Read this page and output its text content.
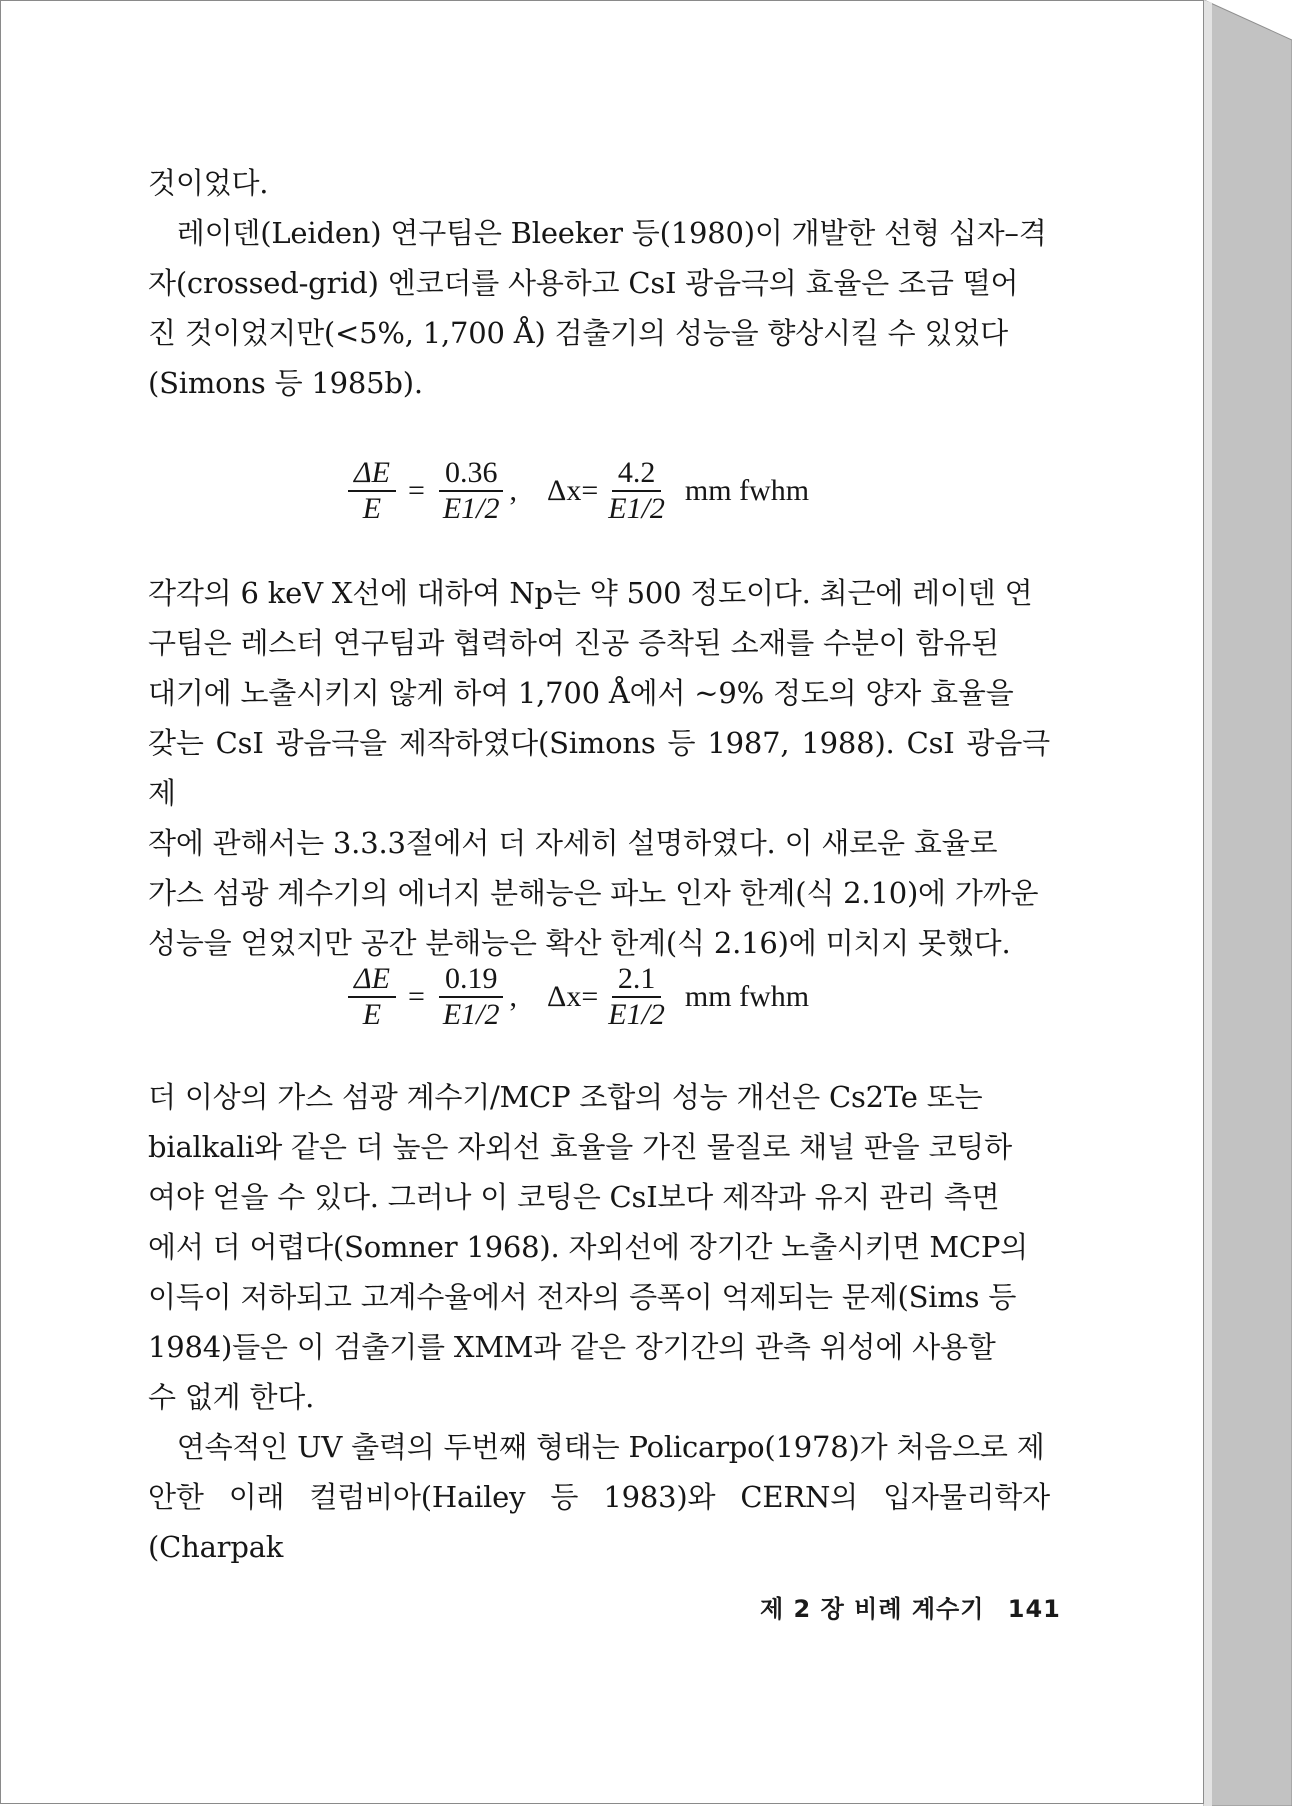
것이었다.
　레이덴(Leiden) 연구팀은 Bleeker 등(1980)이 개발한 선형 십자–격
자(crossed-grid) 엔코더를 사용하고 CsI 광음극의 효율은 조금 떨어
진 것이었지만(<5%, 1,700 Å) 검출기의 성능을 향상시킬 수 있었다
(Simons 등 1985b).

$\frac{\Delta E}{E} = \frac{0.36}{E1/2}$ , $\Delta x= \frac{4.2}{E1/2}$ mm fwhm

각각의 6 keV X선에 대하여 Np는 약 500 정도이다. 최근에 레이덴 연
구팀은 레스터 연구팀과 협력하여 진공 증착된 소재를 수분이 함유된
대기에 노출시키지 않게 하여 1,700 Å에서 ~9% 정도의 양자 효율을
갖는 CsI 광음극을 제작하였다(Simons 등 1987, 1988). CsI 광음극 제
작에 관해서는 3.3.3절에서 더 자세히 설명하였다. 이 새로운 효율로
가스 섬광 계수기의 에너지 분해능은 파노 인자 한계(식 2.10)에 가까운
성능을 얻었지만 공간 분해능은 확산 한계(식 2.16)에 미치지 못했다.

$\frac{\Delta E}{E} = \frac{0.19}{E1/2}$ , $\Delta x= \frac{2.1}{E1/2}$ mm fwhm

더 이상의 가스 섬광 계수기/MCP 조합의 성능 개선은 Cs2Te 또는
bialkali와 같은 더 높은 자외선 효율을 가진 물질로 채널 판을 코팅하
여야 얻을 수 있다. 그러나 이 코팅은 CsI보다 제작과 유지 관리 측면
에서 더 어렵다(Somner 1968). 자외선에 장기간 노출시키면 MCP의
이득이 저하되고 고계수율에서 전자의 증폭이 억제되는 문제(Sims 등
1984)들은 이 검출기를 XMM과 같은 장기간의 관측 위성에 사용할
수 없게 한다.
　연속적인 UV 출력의 두번째 형태는 Policarpo(1978)가 처음으로 제
안한 이래 컬럼비아(Hailey 등 1983)와 CERN의 입자물리학자(Charpak

제 2 장 비례 계수기 141
